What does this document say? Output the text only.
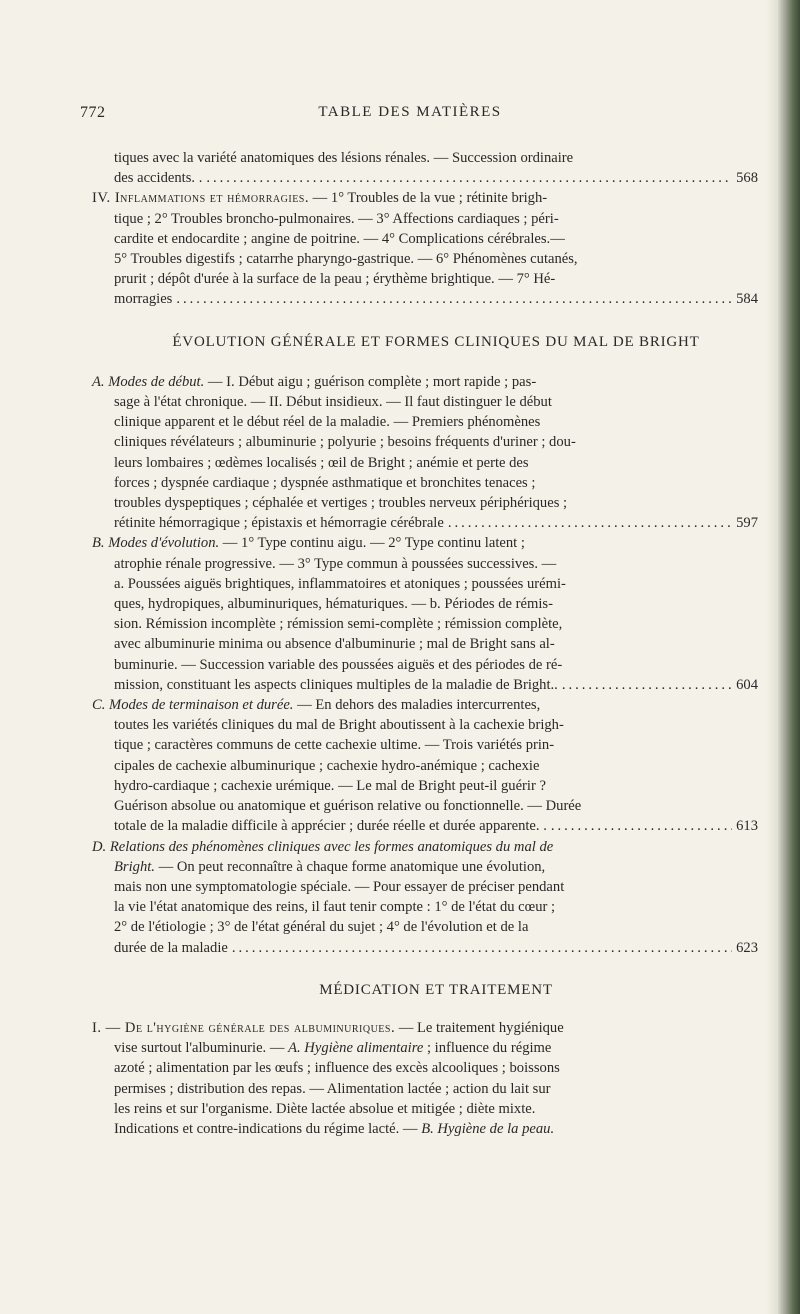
772	TABLE DES MATIÈRES
tiques avec la variété anatomiques des lésions rénales. — Succession ordinaire
des accidents. . .....	568
IV. Inflammations et hémorragies. — 1° Troubles de la vue ; rétinite brigh-
tique ; 2° Troubles broncho-pulmonaires. — 3° Affections cardiaques ; péri-
cardite et endocardite ; angine de poitrine. — 4° Complications cérébrales.—
5° Troubles digestifs ; catarrhe pharyngo-gastrique. — 6° Phénomènes cutanés,
prurit ; dépôt d'urée à la surface de la peau ; érythème brightique. — 7° Hé-
morragies .....	584

ÉVOLUTION GÉNÉRALE ET FORMES CLINIQUES DU MAL DE BRIGHT

A. Modes de début. — I. Début aigu ; guérison complète ; mort rapide ; pas-
sage à l'état chronique. — II. Début insidieux. — Il faut distinguer le début
clinique apparent et le début réel de la maladie. — Premiers phénomènes
cliniques révélateurs ; albuminurie ; polyurie ; besoins fréquents d'uriner ; dou-
leurs lombaires ; œdèmes localisés ; œil de Bright ; anémie et perte des
forces ; dyspnée cardiaque ; dyspnée asthmatique et bronchites tenaces ;
troubles dyspeptiques ; céphalée et vertiges ; troubles nerveux périphériques ;
rétinite hémorragique ; épistaxis et hémorragie cérébrale .....	597
B. Modes d'évolution. — 1° Type continu aigu. — 2° Type continu latent ;
atrophie rénale progressive. — 3° Type commun à poussées successives. —
a. Poussées aiguës brightiques, inflammatoires et atoniques ; poussées urémi-
ques, hydropiques, albuminuriques, hématuriques. — b. Périodes de rémis-
sion. Rémission incomplète ; rémission semi-complète ; rémission complète,
avec albuminurie minima ou absence d'albuminurie ; mal de Bright sans al-
buminurie. — Succession variable des poussées aiguës et des périodes de ré-
mission, constituant les aspects cliniques multiples de la maladie de Bright.. .....	604
C. Modes de terminaison et durée. — En dehors des maladies intercurrentes,
toutes les variétés cliniques du mal de Bright aboutissent à la cachexie brigh-
tique ; caractères communs de cette cachexie ultime. — Trois variétés prin-
cipales de cachexie albuminurique ; cachexie hydro-anémique ; cachexie
hydro-cardiaque ; cachexie urémique. — Le mal de Bright peut-il guérir ?
Guérison absolue ou anatomique et guérison relative ou fonctionnelle. — Durée
totale de la maladie difficile à apprécier ; durée réelle et durée apparente. . .....	613
D. Relations des phénomènes cliniques avec les formes anatomiques du mal de
Bright. — On peut reconnaître à chaque forme anatomique une évolution,
mais non une symptomatologie spéciale. — Pour essayer de préciser pendant
la vie l'état anatomique des reins, il faut tenir compte : 1° de l'état du cœur ;
2° de l'étiologie ; 3° de l'état général du sujet ; 4° de l'évolution et de la
durée de la maladie .....	623

MÉDICATION ET TRAITEMENT

I. — De l'hygiène générale des albuminuriques. — Le traitement hygiénique
vise surtout l'albuminurie. — A. Hygiène alimentaire ; influence du régime
azoté ; alimentation par les œufs ; influence des excès alcooliques ; boissons
permises ; distribution des repas. — Alimentation lactée ; action du lait sur
les reins et sur l'organisme. Diète lactée absolue et mitigée ; diète mixte.
Indications et contre-indications du régime lacté. — B. Hygiène de la peau.
